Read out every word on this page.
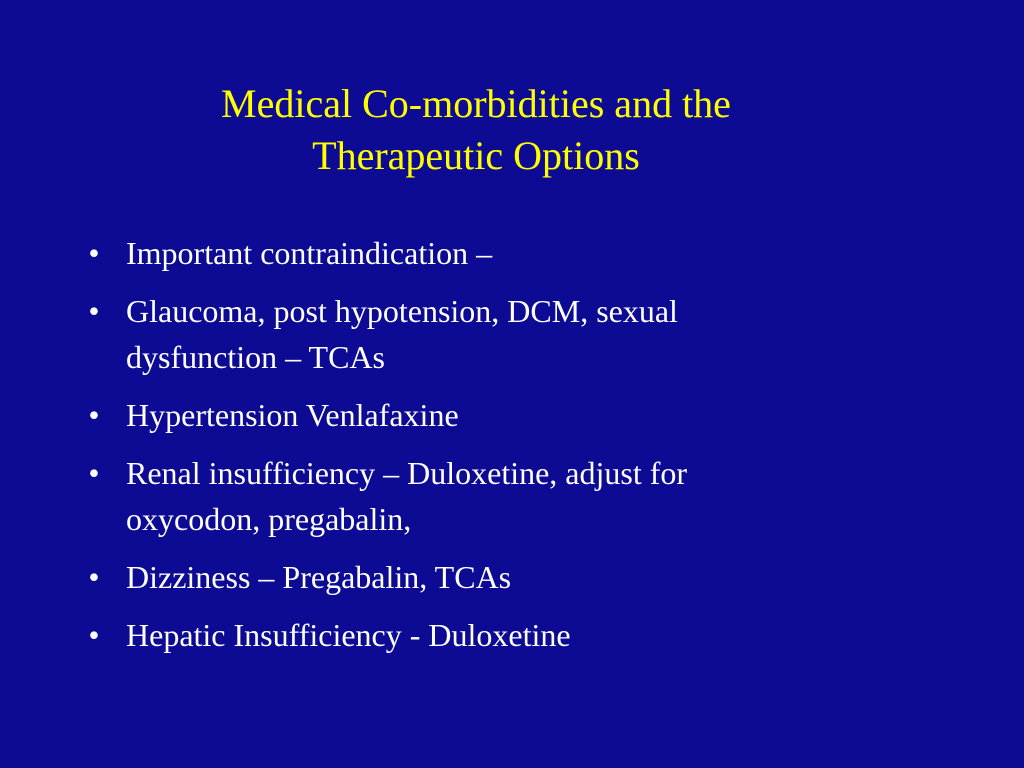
Medical Co-morbidities and the
Therapeutic Options
• Important contraindication –
• Glaucoma, post hypotension, DCM, sexual
dysfunction – TCAs
• Hypertension Venlafaxine
• Renal insufficiency – Duloxetine, adjust for
oxycodon, pregabalin,
• Dizziness – Pregabalin, TCAs
• Hepatic Insufficiency - Duloxetine
